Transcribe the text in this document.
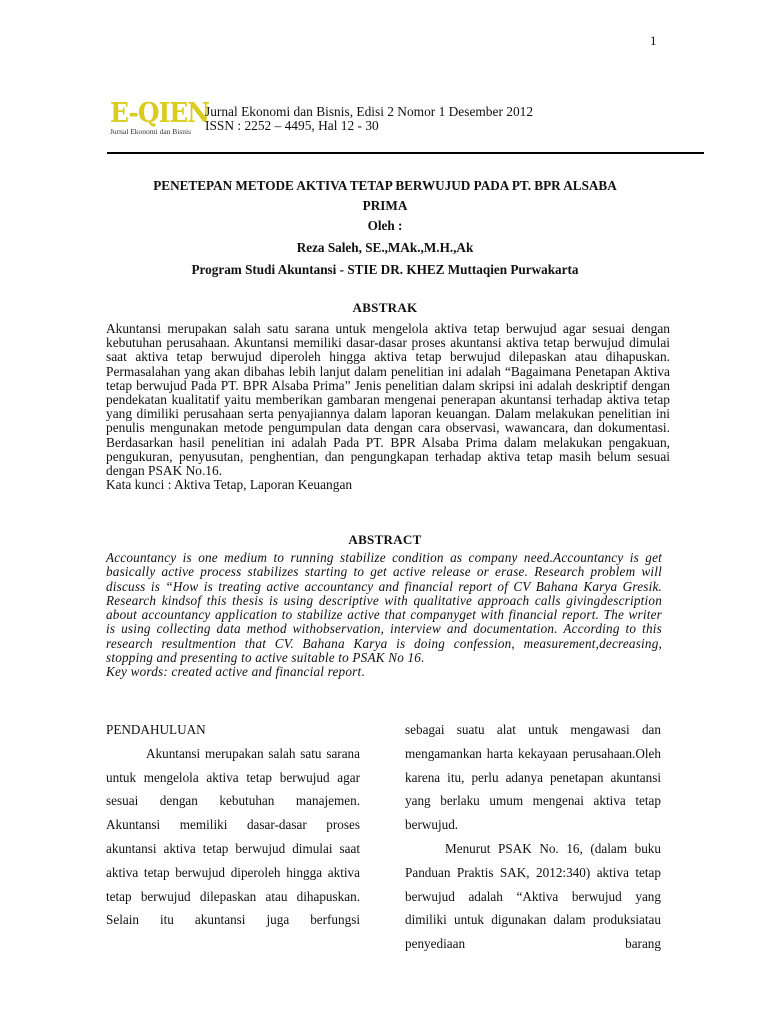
1
E-QIEN
Jurnal Ekonomi dan Bisnis
Jurnal Ekonomi dan Bisnis, Edisi 2 Nomor 1 Desember 2012
ISSN : 2252 – 4495, Hal 12 - 30
PENETEPAN METODE AKTIVA TETAP BERWUJUD PADA PT. BPR ALSABA
PRIMA
Oleh :
Reza Saleh, SE.,MAk.,M.H.,Ak
Program Studi Akuntansi - STIE DR. KHEZ Muttaqien Purwakarta
ABSTRAK
Akuntansi merupakan salah satu sarana untuk mengelola aktiva tetap berwujud agar sesuai dengan kebutuhan perusahaan. Akuntansi memiliki dasar-dasar proses akuntansi aktiva tetap berwujud dimulai saat aktiva tetap berwujud diperoleh hingga aktiva tetap berwujud dilepaskan atau dihapuskan. Permasalahan yang akan dibahas lebih lanjut dalam penelitian ini adalah “Bagaimana Penetapan Aktiva tetap berwujud Pada PT. BPR Alsaba Prima” Jenis penelitian dalam skripsi ini adalah deskriptif dengan pendekatan kualitatif yaitu memberikan gambaran mengenai penerapan akuntansi terhadap aktiva tetap yang dimiliki perusahaan serta penyajiannya dalam laporan keuangan. Dalam melakukan penelitian ini penulis mengunakan metode pengumpulan data dengan cara observasi, wawancara, dan dokumentasi. Berdasarkan hasil penelitian ini adalah Pada PT. BPR Alsaba Prima dalam melakukan pengakuan, pengukuran, penyusutan, penghentian, dan pengungkapan terhadap aktiva tetap masih belum sesuai dengan PSAK No.16.
Kata kunci : Aktiva Tetap, Laporan Keuangan
ABSTRACT
Accountancy is one medium to running stabilize condition as company need.Accountancy is get basically active process stabilizes starting to get active release or erase. Research problem will discuss is “How is treating active accountancy and financial report of CV Bahana Karya Gresik. Research kindsof this thesis is using descriptive with qualitative approach calls givingdescription about accountancy application to stabilize active that companyget with financial report. The writer is using collecting data method withobservation, interview and documentation. According to this research resultmention that CV. Bahana Karya is doing confession, measurement,decreasing, stopping and presenting to active suitable to PSAK No 16.
Key words: created active and financial report.

PENDAHULUAN

Akuntansi merupakan salah satu sarana untuk mengelola aktiva tetap berwujud agar sesuai dengan kebutuhan manajemen. Akuntansi memiliki dasar-dasar proses akuntansi aktiva tetap berwujud dimulai saat aktiva tetap berwujud diperoleh hingga aktiva tetap berwujud dilepaskan atau dihapuskan. Selain itu akuntansi juga berfungsi

sebagai suatu alat untuk mengawasi dan mengamankan harta kekayaan perusahaan.Oleh karena itu, perlu adanya penetapan akuntansi yang berlaku umum mengenai aktiva tetap berwujud.

Menurut PSAK No. 16, (dalam buku Panduan Praktis SAK, 2012:340) aktiva tetap berwujud adalah “Aktiva berwujud yang dimiliki untuk digunakan dalam produksiatau penyediaan barang
